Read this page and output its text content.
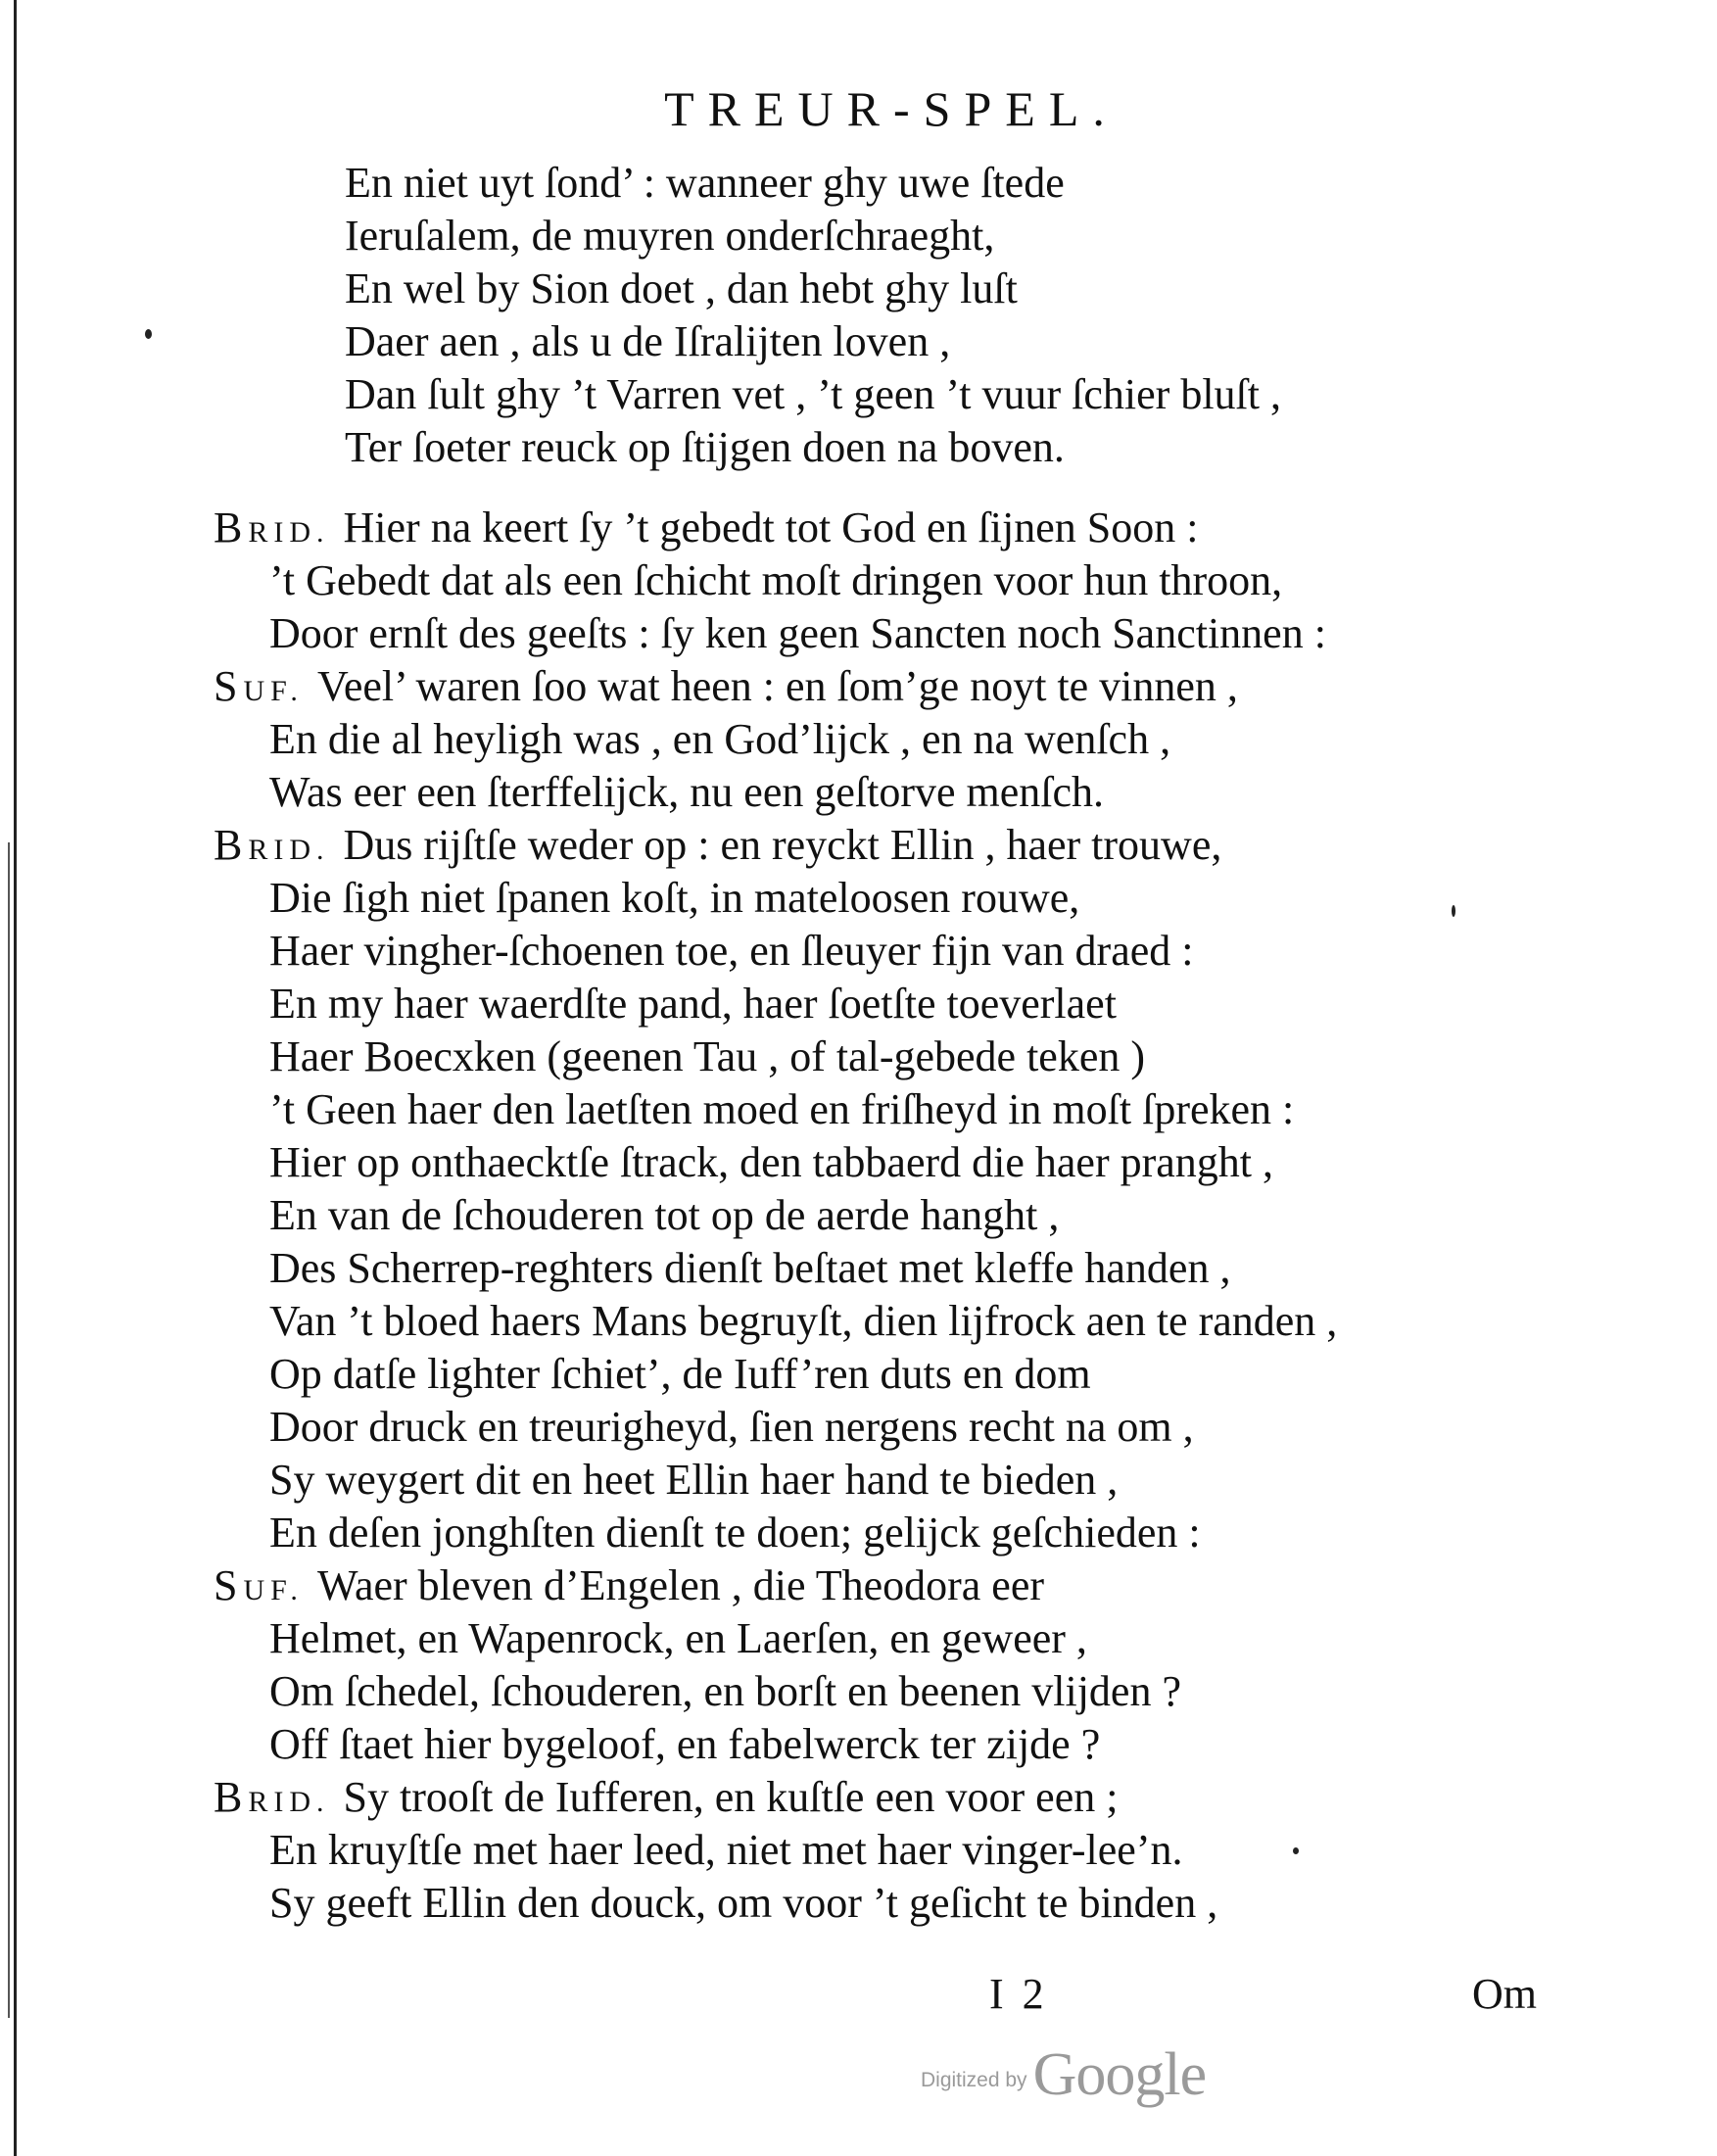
TREUR-SPEL.
En niet uyt ſond’ : wanneer ghy uwe ſtede
Ieruſalem, de muyren onderſchraeght,
En wel by Sion doet , dan hebt ghy luſt
Daer aen , als u de Iſralijten loven ,
Dan ſult ghy ’t Varren vet , ’t geen ’t vuur ſchier bluſt ,
Ter ſoeter reuck op ſtijgen doen na boven.
BRID. Hier na keert ſy ’t gebedt tot God en ſijnen Soon :
’t Gebedt dat als een ſchicht moſt dringen voor hun throon,
Door ernſt des geeſts : ſy ken geen Sancten noch Sanctinnen :
SUF. Veel’ waren ſoo wat heen : en ſom’ge noyt te vinnen ,
En die al heyligh was , en God’lijck , en na wenſch ,
Was eer een ſterffelijck, nu een geſtorve menſch.
BRID. Dus rijſtſe weder op : en reyckt Ellin , haer trouwe,
Die ſigh niet ſpanen koſt, in mateloosen rouwe,
Haer vingher-ſchoenen toe, en ſleuyer fijn van draed :
En my haer waerdſte pand, haer ſoetſte toeverlaet
Haer Boecxken (geenen Tau , of tal-gebede teken )
’t Geen haer den laetſten moed en friſheyd in moſt ſpreken :
Hier op onthaecktſe ſtrack, den tabbaerd die haer pranght ,
En van de ſchouderen tot op de aerde hanght ,
Des Scherrep-reghters dienſt beſtaet met kleffe handen ,
Van ’t bloed haers Mans begruyſt, dien lijfrock aen te randen ,
Op datſe lighter ſchiet’, de Iuff’ren duts en dom
Door druck en treurigheyd, ſien nergens recht na om ,
Sy weygert dit en heet Ellin haer hand te bieden ,
En deſen jonghſten dienſt te doen; gelijck geſchieden :
SUF. Waer bleven d’Engelen , die Theodora eer
Helmet, en Wapenrock, en Laerſen, en geweer ,
Om ſchedel, ſchouderen, en borſt en beenen vlijden ?
Off ſtaet hier bygeloof, en fabelwerck ter zijde ?
BRID. Sy trooſt de Iufferen, en kuſtſe een voor een ;
En kruyſtſe met haer leed, niet met haer vinger-lee’n.
Sy geeft Ellin den douck, om voor ’t geſicht te binden ,
I 2	Om
Digitized byGoogle
